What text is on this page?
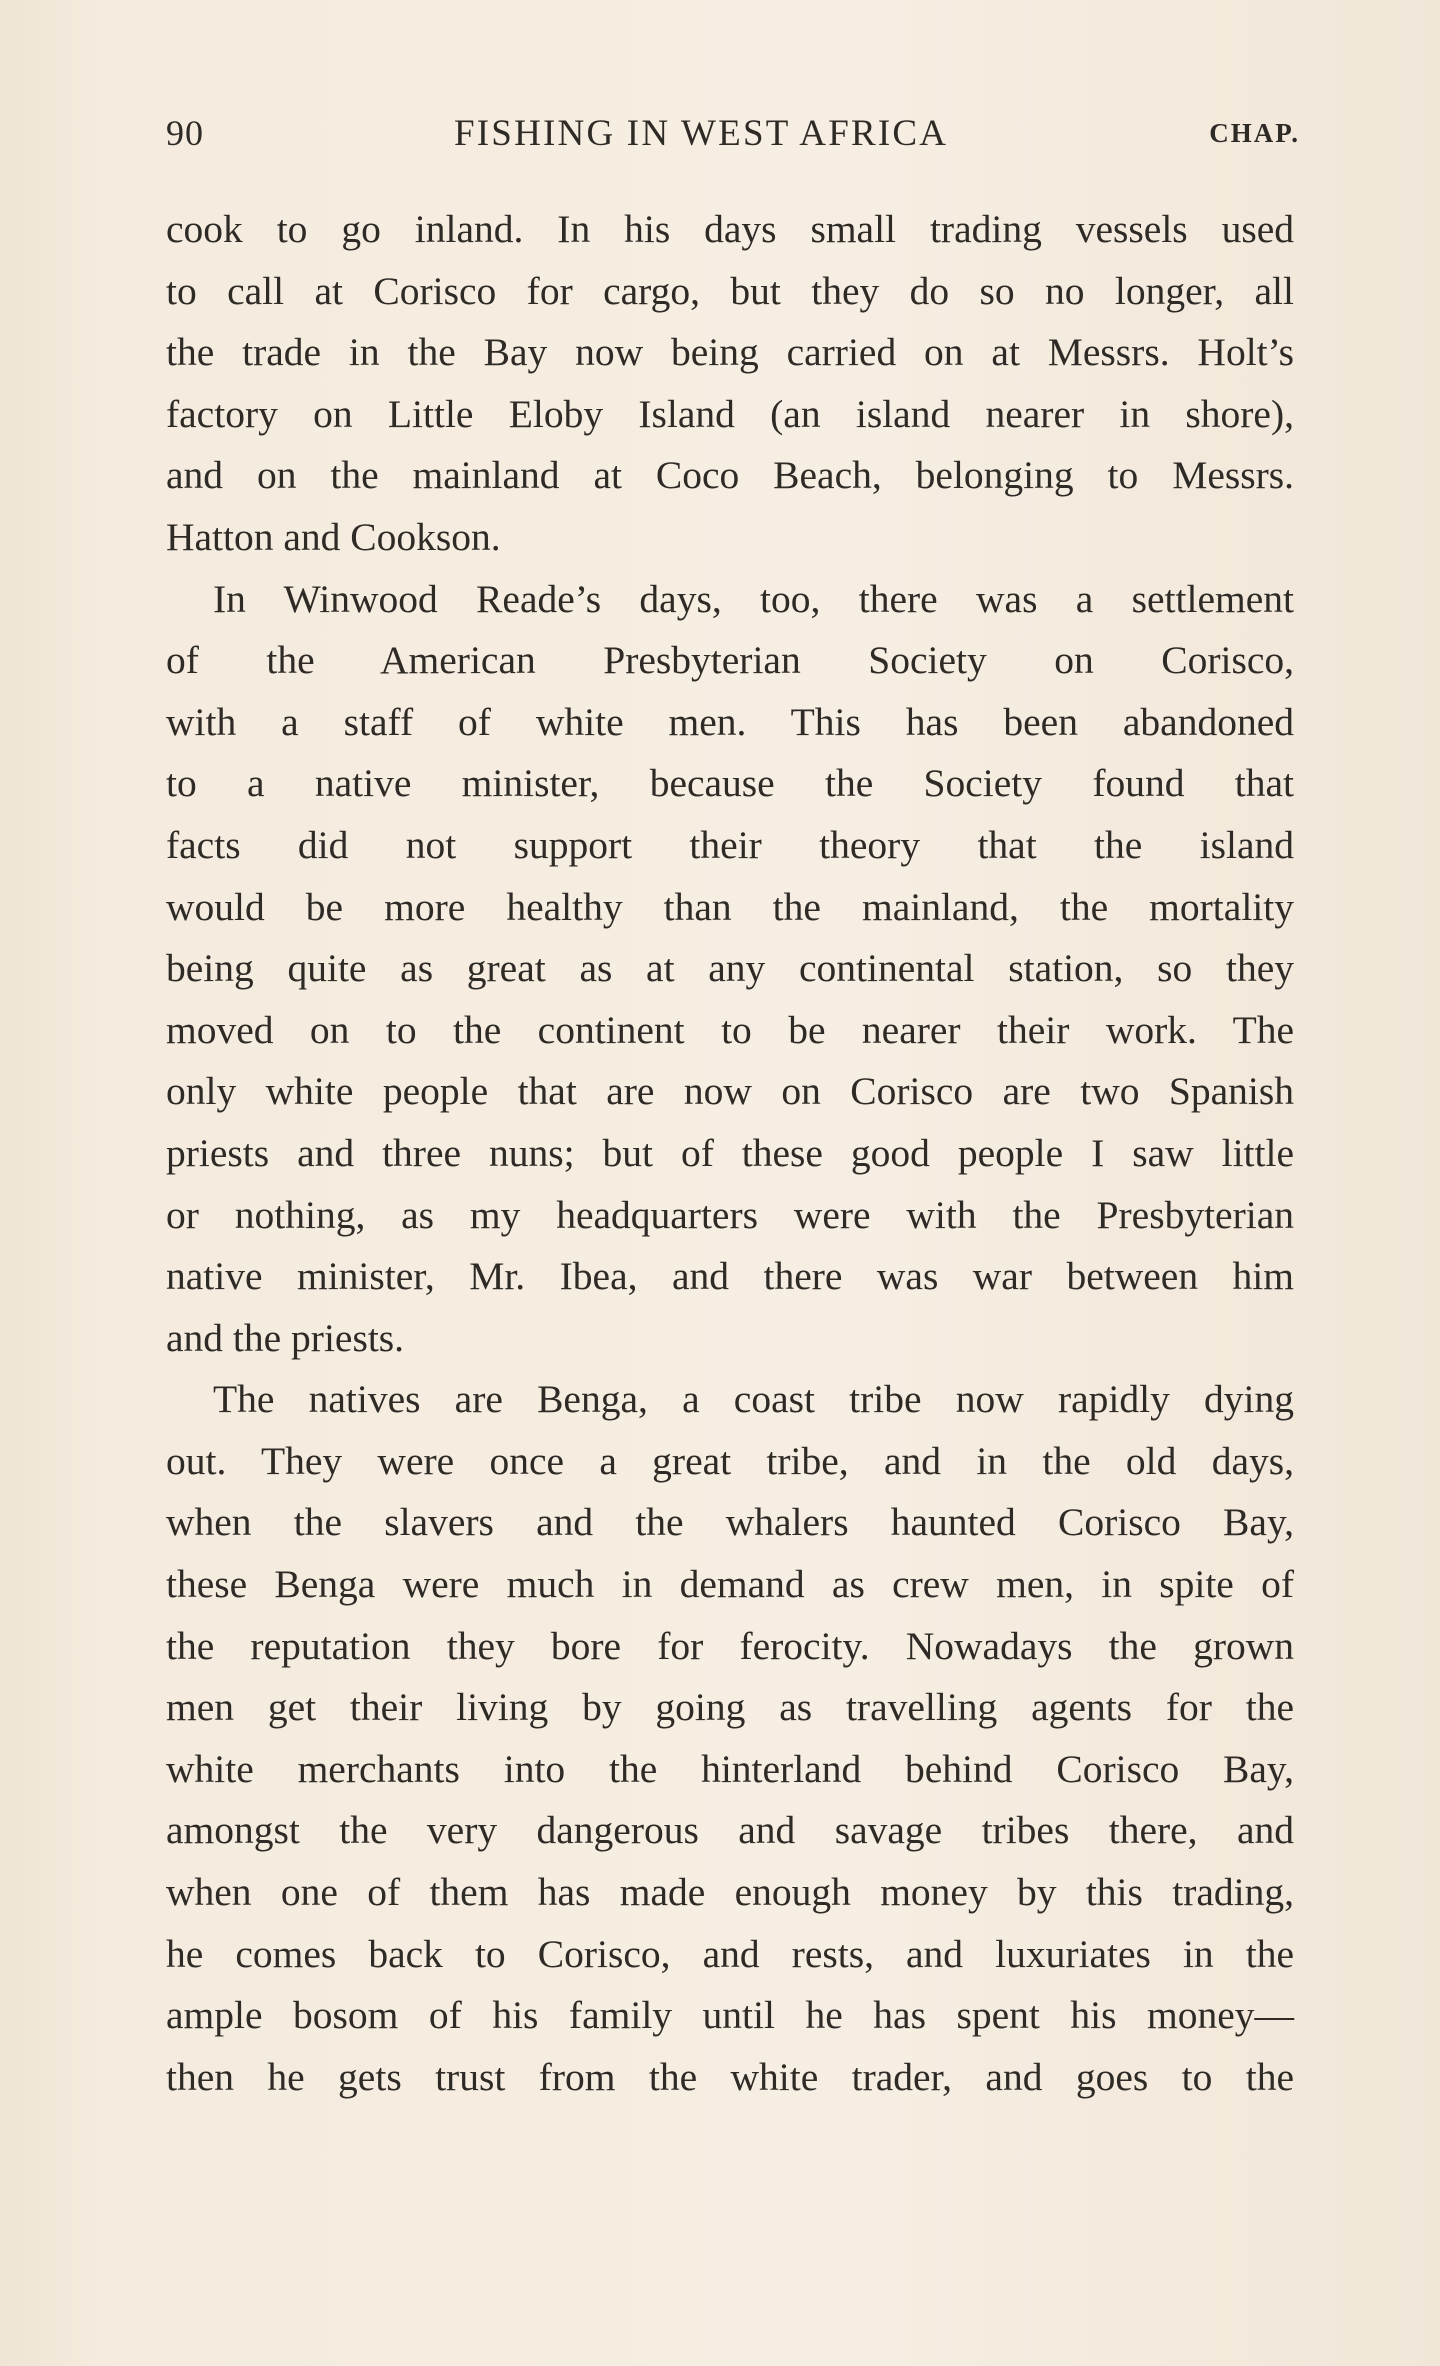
90	FISHING IN WEST AFRICA	CHAP.
cook to go inland. In his days small trading vessels used
to call at Corisco for cargo, but they do so no longer, all
the trade in the Bay now being carried on at Messrs. Holt’s
factory on Little Eloby Island (an island nearer in shore),
and on the mainland at Coco Beach, belonging to Messrs.
Hatton and Cookson.
In Winwood Reade’s days, too, there was a settlement
of the American Presbyterian Society on Corisco,
with a staff of white men. This has been abandoned
to a native minister, because the Society found that
facts did not support their theory that the island
would be more healthy than the mainland, the mortality
being quite as great as at any continental station, so they
moved on to the continent to be nearer their work. The
only white people that are now on Corisco are two Spanish
priests and three nuns; but of these good people I saw little
or nothing, as my headquarters were with the Presbyterian
native minister, Mr. Ibea, and there was war between him
and the priests.
The natives are Benga, a coast tribe now rapidly dying
out. They were once a great tribe, and in the old days,
when the slavers and the whalers haunted Corisco Bay,
these Benga were much in demand as crew men, in spite of
the reputation they bore for ferocity. Nowadays the grown
men get their living by going as travelling agents for the
white merchants into the hinterland behind Corisco Bay,
amongst the very dangerous and savage tribes there, and
when one of them has made enough money by this trading,
he comes back to Corisco, and rests, and luxuriates in the
ample bosom of his family until he has spent his money—
then he gets trust from the white trader, and goes to the
